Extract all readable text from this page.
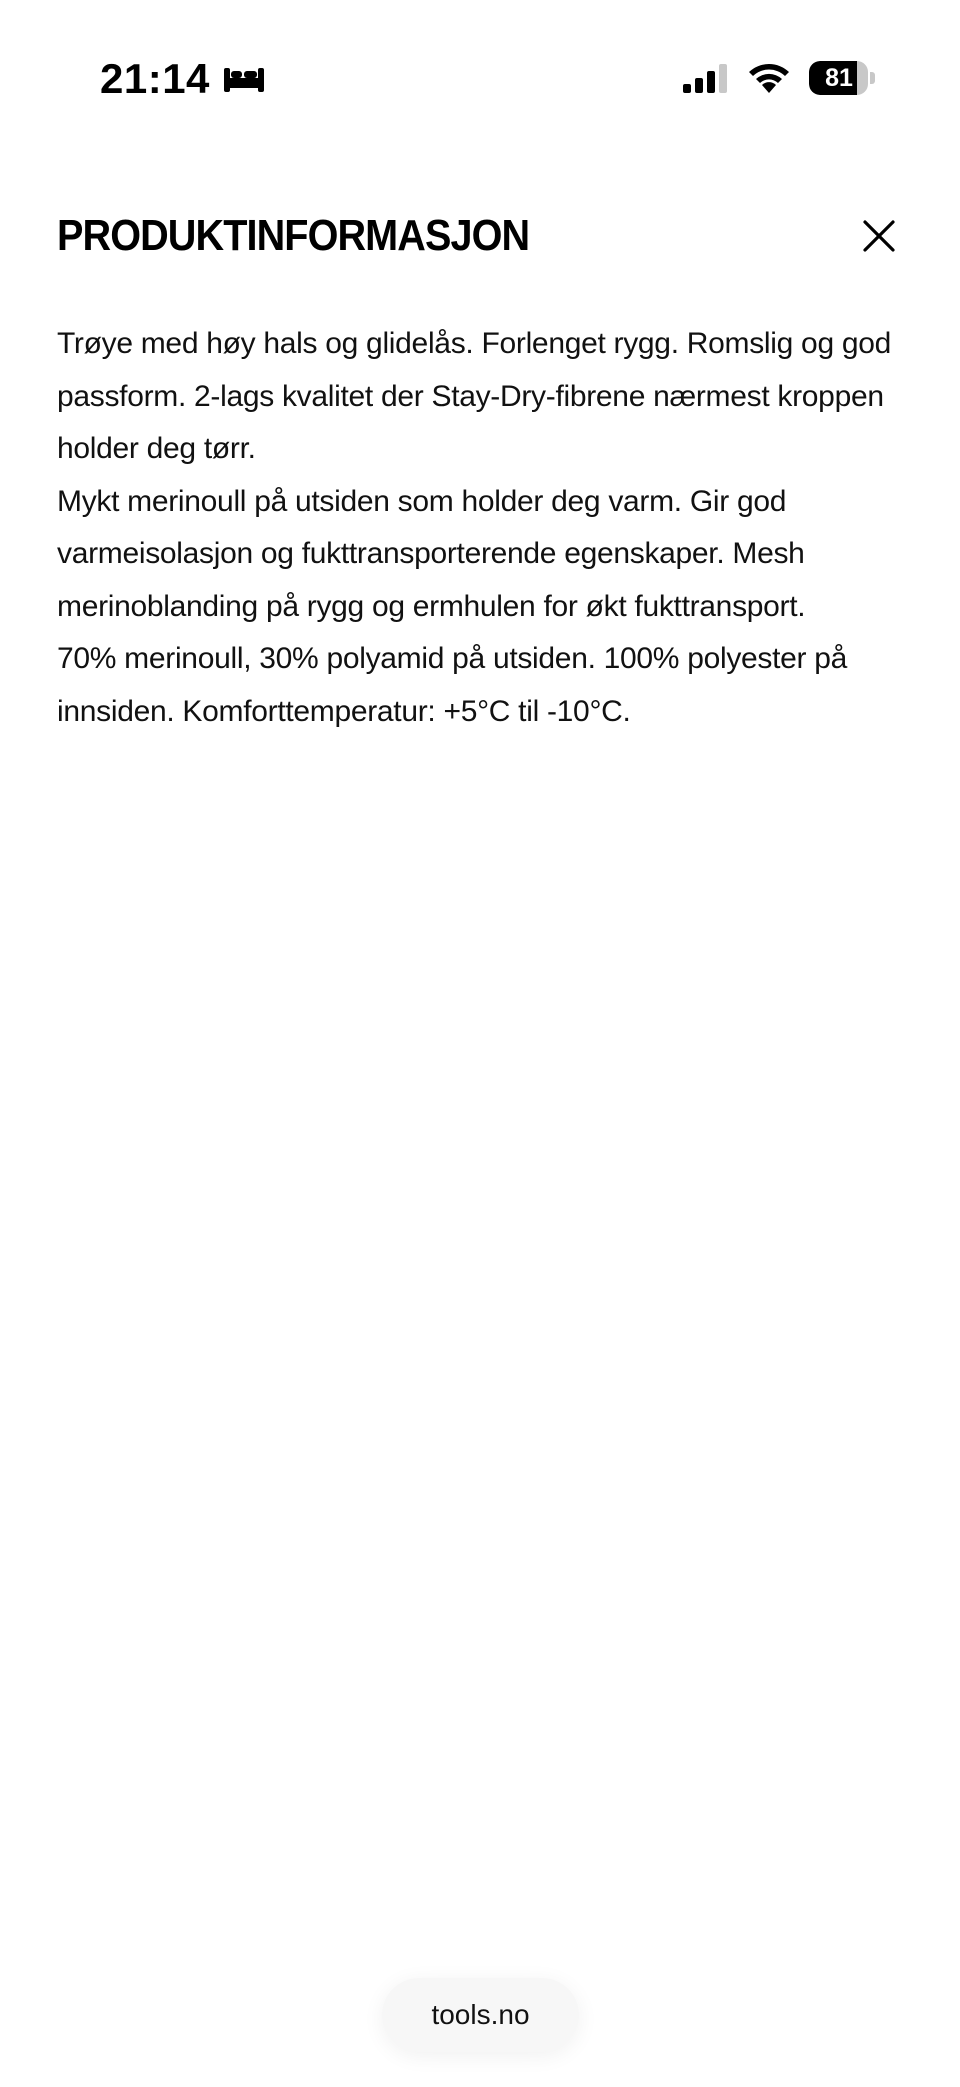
21:14	81
PRODUKTINFORMASJON

Trøye med høy hals og glidelås. Forlenget rygg. Romslig og god passform. 2-lags kvalitet der Stay-Dry-fibrene nærmest kroppen holder deg tørr.

Mykt merinoull på utsiden som holder deg varm. Gir god varmeisolasjon og fukttransporterende egenskaper. Mesh merinoblanding på rygg og ermhulen for økt fukttransport.

70% merinoull, 30% polyamid på utsiden. 100% polyester på innsiden. Komforttemperatur: +5°C til -10°C.

tools.no
